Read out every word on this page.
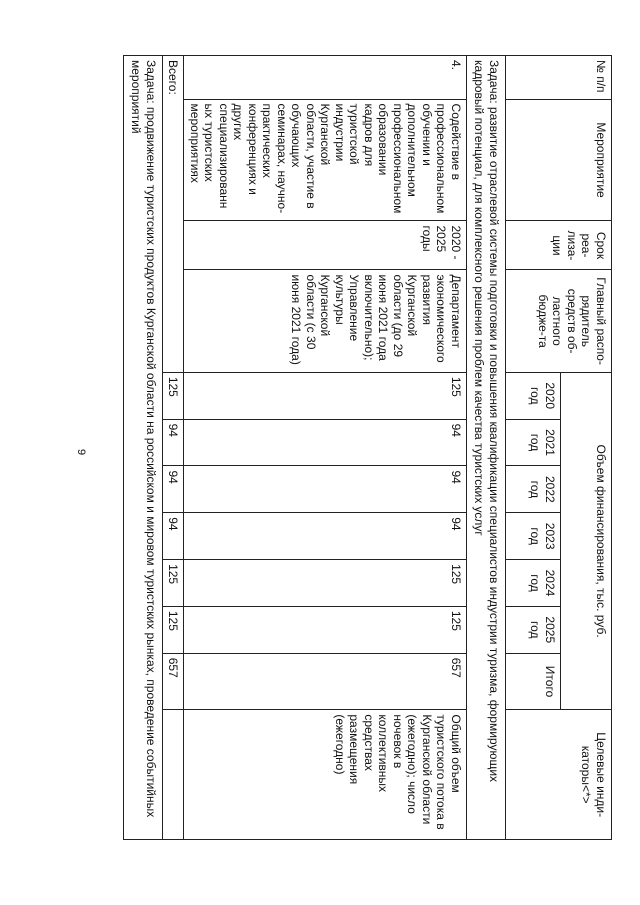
9
№ п/п	Мероприятие	Срок реа-лиза-ции	Главный распо-рядитель средств об-ластного бюдже-та	Объем финансирования, тыс. руб.							Целевые инди-каторы<*>
				2020 год	2021 год	2022 год	2023 год	2024 год	2025 год	Итого	
Задача: развитие отраслевой системы подготовки и повышения квалификации специалистов индустрии туризма, формирующих кадровый потенциал, для комплексного решения проблем качества туристских услуг											
4.	Содействие в профессиональном обучении и дополнительном профессиональном образовании кадров для туристской индустрии Курганской области, участие в обучающих семинарах, научно-практических конференциях и других специализированных туристских мероприятиях	2020 - 2025 годы	Департамент экономического развития Курганской области (до 29 июня 2021 года включительно); Управление культуры Курганской области (с 30 июня 2021 года)	125	94	94	94	125	125	657	Общий объем туристского потока в Курганской области (ежегодно); число ночевок в коллективных средствах размещения (ежегодно)
Всего:				125	94	94	94	125	125	657	
Задача: продвижение туристских продуктов Курганской области на российском и мировом туристских рынках, проведение событийных мероприятий											
